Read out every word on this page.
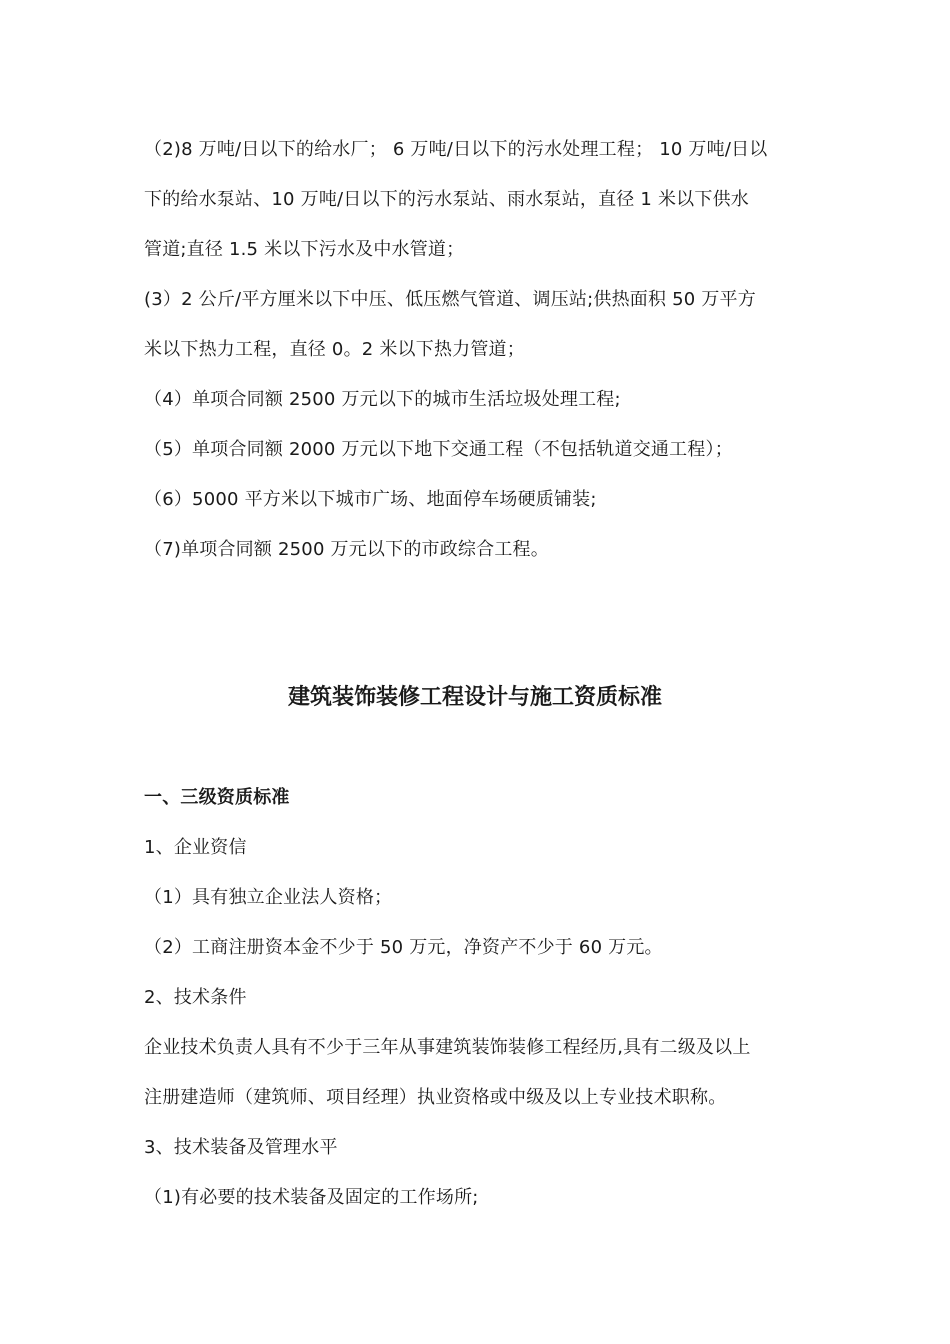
（2)8 万吨/日以下的给水厂； 6 万吨/日以下的污水处理工程； 10 万吨/日以
下的给水泵站、10 万吨/日以下的污水泵站、雨水泵站，直径 1 米以下供水
管道;直径 1.5 米以下污水及中水管道；
(3）2 公斤/平方厘米以下中压、低压燃气管道、调压站;供热面积 50 万平方
米以下热力工程，直径 0。2 米以下热力管道；
（4）单项合同额 2500 万元以下的城市生活垃圾处理工程;
（5）单项合同额 2000 万元以下地下交通工程（不包括轨道交通工程）；
（6）5000 平方米以下城市广场、地面停车场硬质铺装;
（7)单项合同额 2500 万元以下的市政综合工程。
建筑装饰装修工程设计与施工资质标准
一、三级资质标准
1、企业资信
（1）具有独立企业法人资格；
（2）工商注册资本金不少于 50 万元，净资产不少于 60 万元。
2、技术条件
企业技术负责人具有不少于三年从事建筑装饰装修工程经历,具有二级及以上
注册建造师（建筑师、项目经理）执业资格或中级及以上专业技术职称。
3、技术装备及管理水平
（1)有必要的技术装备及固定的工作场所;
